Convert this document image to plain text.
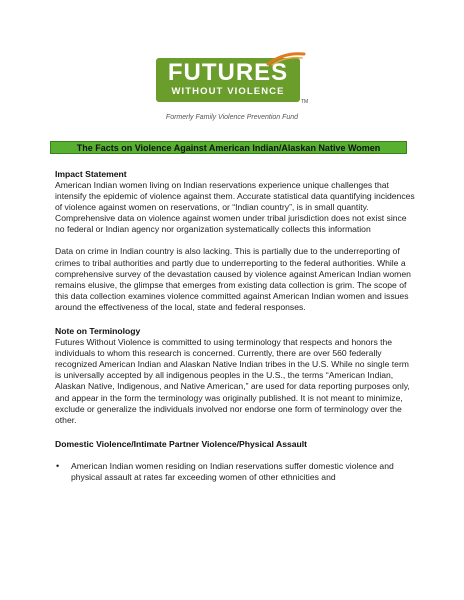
FUTURES
WITHOUT VIOLENCE
TM
Formerly Family Violence Prevention Fund
The Facts on Violence Against American Indian/Alaskan Native Women

Impact Statement

American Indian women living on Indian reservations experience unique challenges that intensify the epidemic of violence against them. Accurate statistical data quantifying incidences of violence against women on reservations, or “Indian country”, is in small quantity. Comprehensive data on violence against women under tribal jurisdiction does not exist since no federal or Indian agency nor organization systematically collects this information

Data on crime in Indian country is also lacking. This is partially due to the underreporting of crimes to tribal authorities and partly due to underreporting to the federal authorities. While a comprehensive survey of the devastation caused by violence against American Indian women remains elusive, the glimpse that emerges from existing data collection is grim. The scope of this data collection examines violence committed against American Indian women and issues around the effectiveness of the local, state and federal responses.

Note on Terminology

Futures Without Violence is committed to using terminology that respects and honors the individuals to whom this research is concerned. Currently, there are over 560 federally recognized American Indian and Alaskan Native Indian tribes in the U.S. While no single term is universally accepted by all indigenous peoples in the U.S., the terms “American Indian, Alaskan Native, Indigenous, and Native American,” are used for data reporting purposes only, and appear in the form the terminology was originally published. It is not meant to minimize, exclude or generalize the individuals involved nor endorse one form of terminology over the other.

Domestic Violence/Intimate Partner Violence/Physical Assault

• American Indian women residing on Indian reservations suffer domestic violence and physical assault at rates far exceeding women of other ethnicities and
